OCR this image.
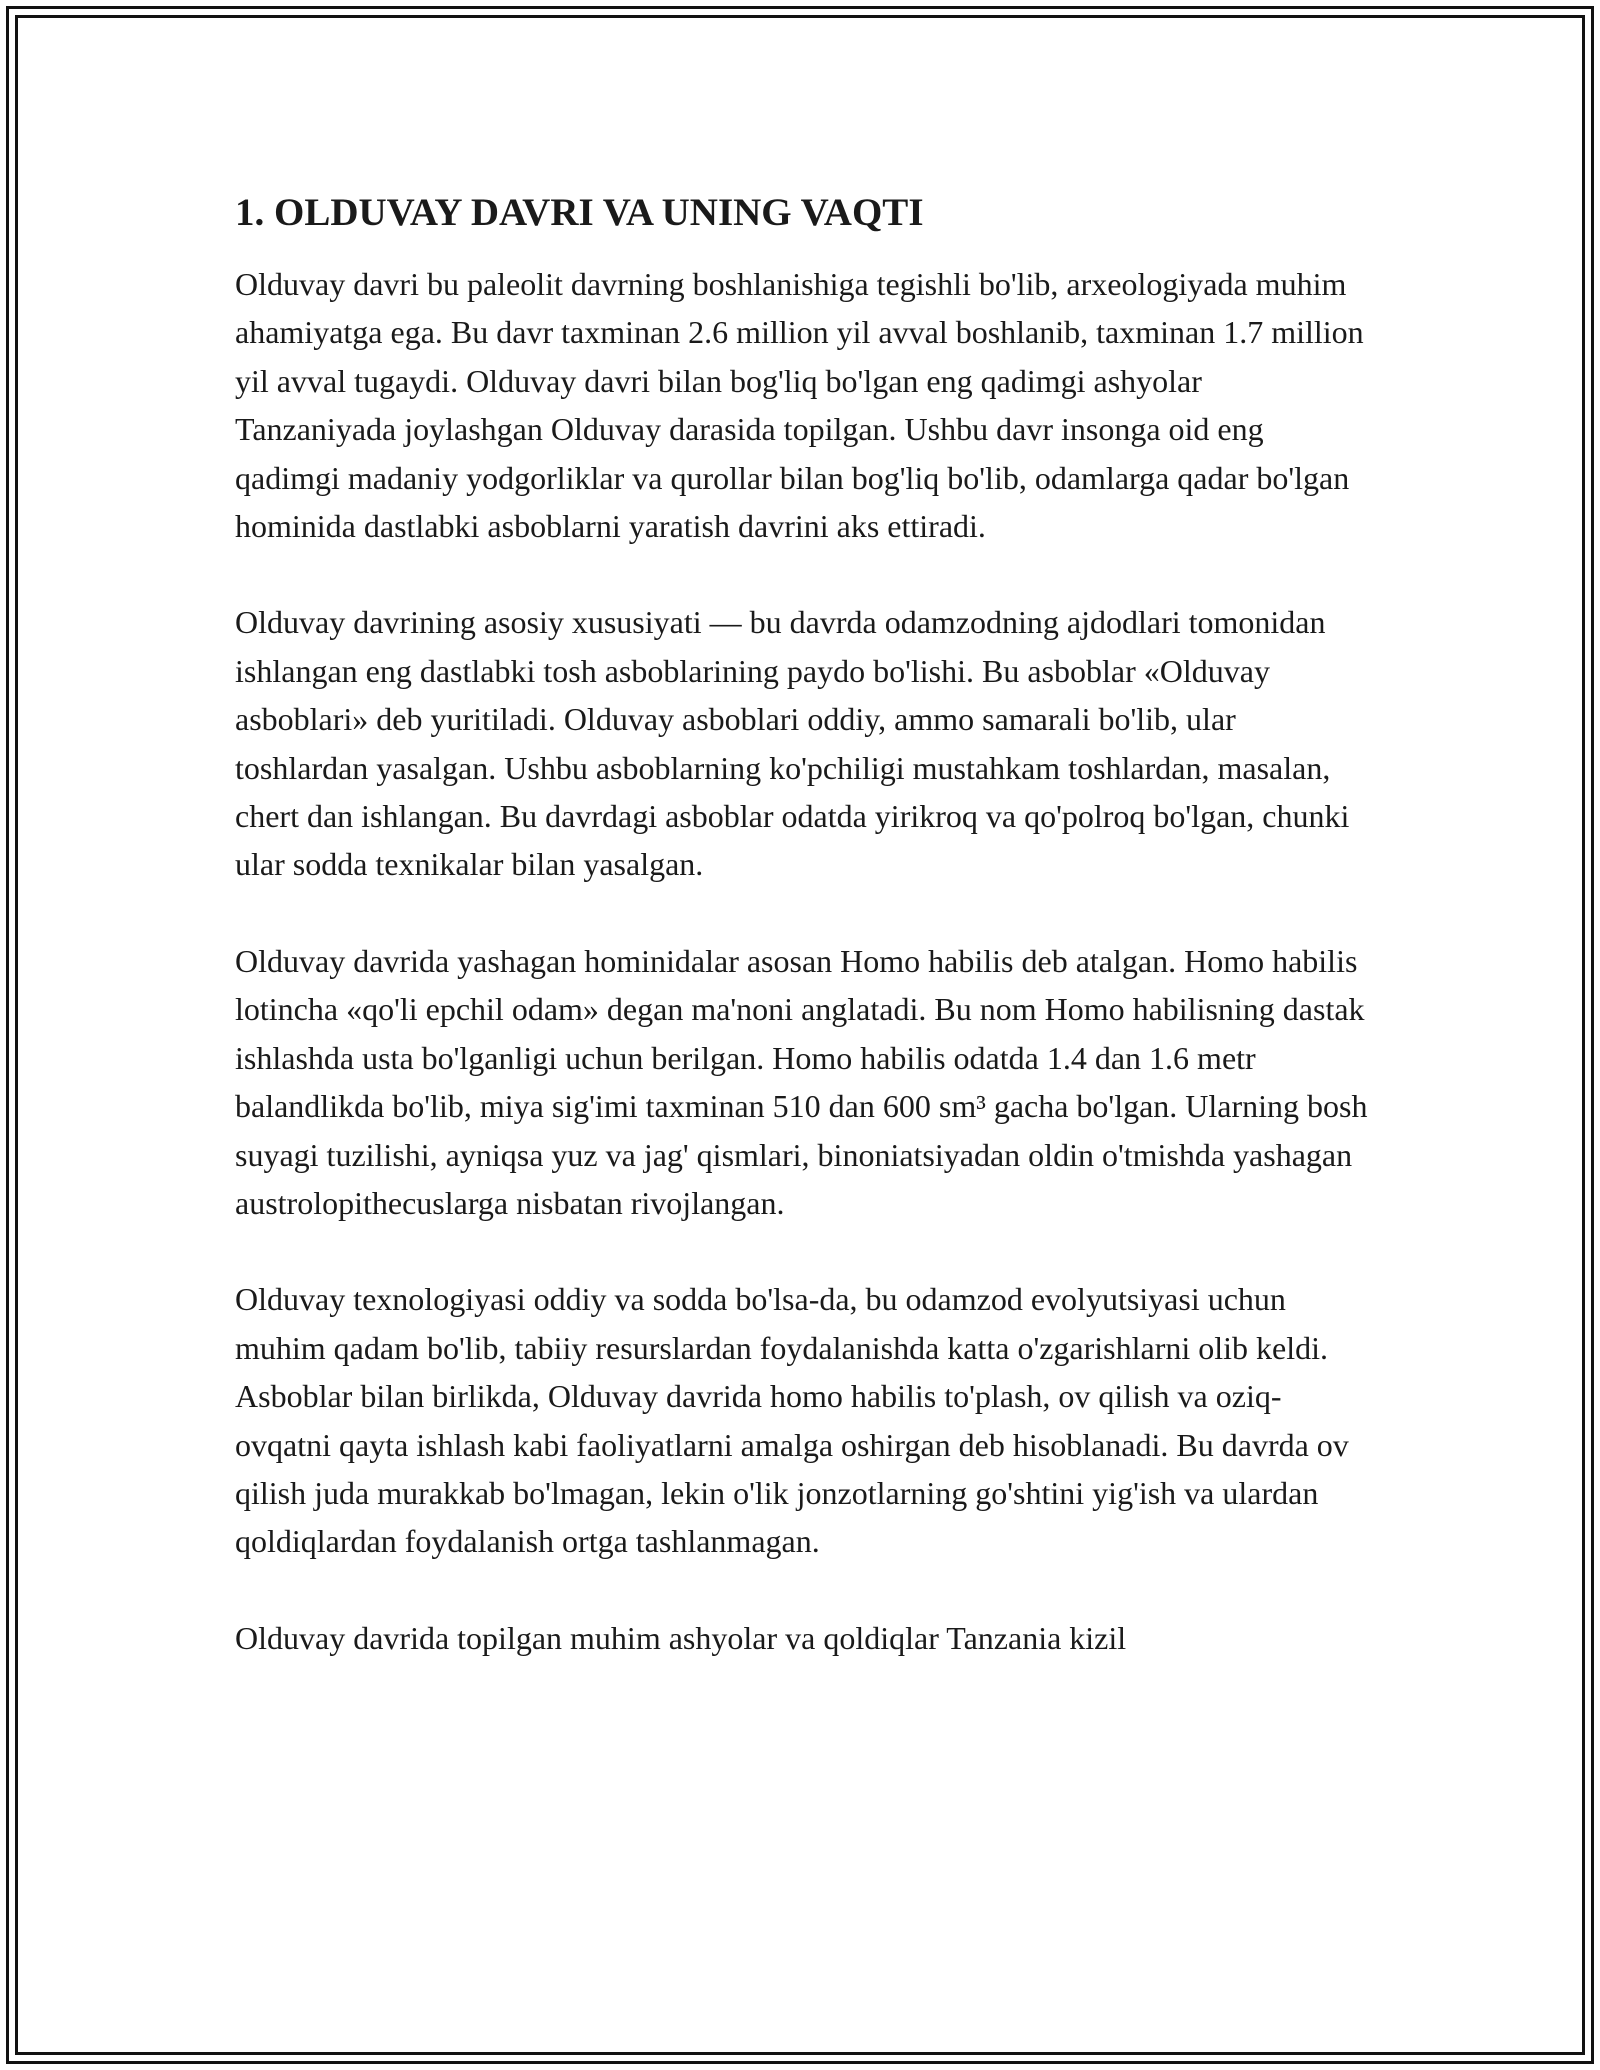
1. OLDUVAY DAVRI VA UNING VAQTI

Olduvay davri bu paleolit davrning boshlanishiga tegishli bo'lib, arxeologiyada muhim ahamiyatga ega. Bu davr taxminan 2.6 million yil avval boshlanib, taxminan 1.7 million yil avval tugaydi. Olduvay davri bilan bog'liq bo'lgan eng qadimgi ashyolar Tanzaniyada joylashgan Olduvay darasida topilgan. Ushbu davr insonga oid eng qadimgi madaniy yodgorliklar va qurollar bilan bog'liq bo'lib, odamlarga qadar bo'lgan hominida dastlabki asboblarni yaratish davrini aks ettiradi.

Olduvay davrining asosiy xususiyati — bu davrda odamzodning ajdodlari tomonidan ishlangan eng dastlabki tosh asboblarining paydo bo'lishi. Bu asboblar «Olduvay asboblari» deb yuritiladi. Olduvay asboblari oddiy, ammo samarali bo'lib, ular toshlardan yasalgan. Ushbu asboblarning ko'pchiligi mustahkam toshlardan, masalan, chert dan ishlangan. Bu davrdagi asboblar odatda yirikroq va qo'polroq bo'lgan, chunki ular sodda texnikalar bilan yasalgan.

Olduvay davrida yashagan hominidalar asosan Homo habilis deb atalgan. Homo habilis lotincha «qo'li epchil odam» degan ma'noni anglatadi. Bu nom Homo habilisning dastak ishlashda usta bo'lganligi uchun berilgan. Homo habilis odatda 1.4 dan 1.6 metr balandlikda bo'lib, miya sig'imi taxminan 510 dan 600 sm³ gacha bo'lgan. Ularning bosh suyagi tuzilishi, ayniqsa yuz va jag' qismlari, binoniatsiyadan oldin o'tmishda yashagan austrolopithecuslarga nisbatan rivojlangan.

Olduvay texnologiyasi oddiy va sodda bo'lsa-da, bu odamzod evolyutsiyasi uchun muhim qadam bo'lib, tabiiy resurslardan foydalanishda katta o'zgarishlarni olib keldi. Asboblar bilan birlikda, Olduvay davrida homo habilis to'plash, ov qilish va oziq-ovqatni qayta ishlash kabi faoliyatlarni amalga oshirgan deb hisoblanadi. Bu davrda ov qilish juda murakkab bo'lmagan, lekin o'lik jonzotlarning go'shtini yig'ish va ulardan qoldiqlardan foydalanish ortga tashlanmagan.

Olduvay davrida topilgan muhim ashyolar va qoldiqlar Tanzania kizil
